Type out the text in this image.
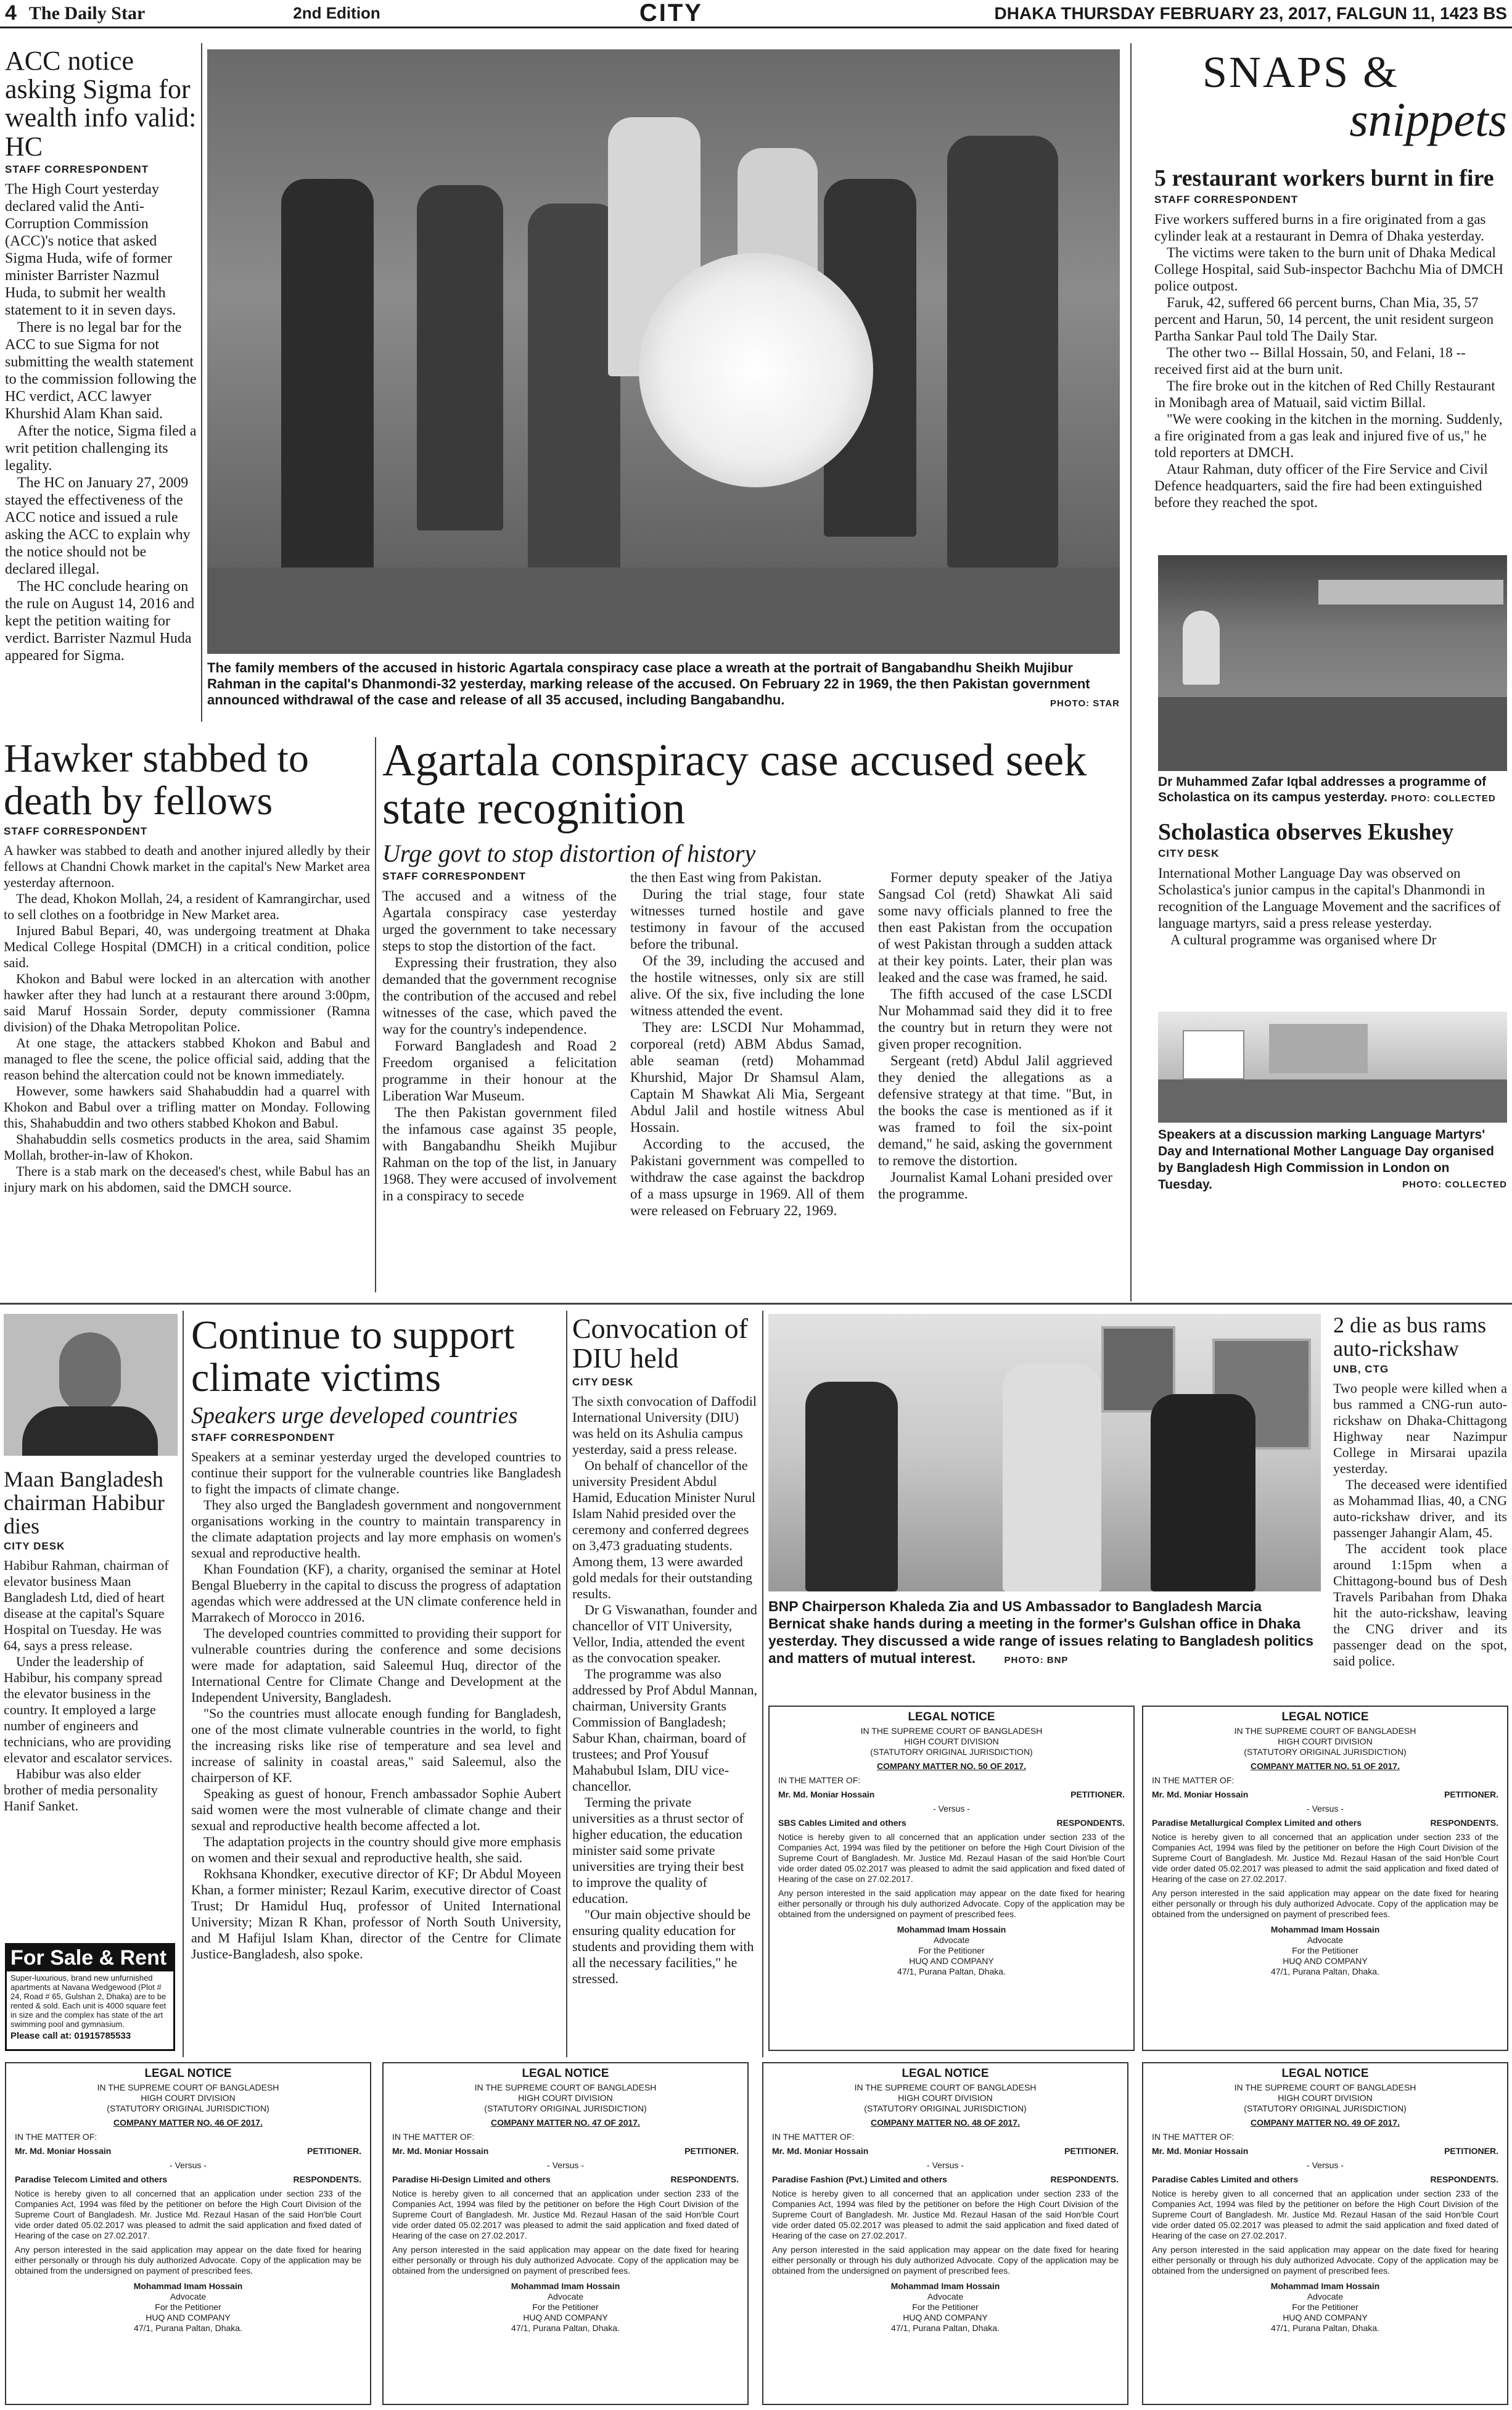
4 The Daily Star	2nd Edition	CITY	DHAKA THURSDAY FEBRUARY 23, 2017, FALGUN 11, 1423 BS
ACC notice asking Sigma for wealth info valid: HC
STAFF CORRESPONDENT

The High Court yesterday declared valid the Anti-Corruption Commission (ACC)'s notice that asked Sigma Huda, wife of former minister Barrister Nazmul Huda, to submit her wealth statement to it in seven days.

There is no legal bar for the ACC to sue Sigma for not submitting the wealth statement to the commission following the HC verdict, ACC lawyer Khurshid Alam Khan said.

After the notice, Sigma filed a writ petition challenging its legality.

The HC on January 27, 2009 stayed the effectiveness of the ACC notice and issued a rule asking the ACC to explain why the notice should not be declared illegal.

The HC conclude hearing on the rule on August 14, 2016 and kept the petition waiting for verdict. Barrister Nazmul Huda appeared for Sigma.

The family members of the accused in historic Agartala conspiracy case place a wreath at the portrait of Bangabandhu Sheikh Mujibur Rahman in the capital's Dhanmondi-32 yesterday, marking release of the accused. On February 22 in 1969, the then Pakistan government announced withdrawal of the case and release of all 35 accused, including Bangabandhu.	PHOTO: STAR
SNAPS &
snippets
5 restaurant workers burnt in fire
STAFF CORRESPONDENT

Five workers suffered burns in a fire originated from a gas cylinder leak at a restaurant in Demra of Dhaka yesterday.

The victims were taken to the burn unit of Dhaka Medical College Hospital, said Sub-inspector Bachchu Mia of DMCH police outpost.

Faruk, 42, suffered 66 percent burns, Chan Mia, 35, 57 percent and Harun, 50, 14 percent, the unit resident surgeon Partha Sankar Paul told The Daily Star.

The other two -- Billal Hossain, 50, and Felani, 18 -- received first aid at the burn unit.

The fire broke out in the kitchen of Red Chilly Restaurant in Monibagh area of Matuail, said victim Billal.

"We were cooking in the kitchen in the morning. Suddenly, a fire originated from a gas leak and injured five of us," he told reporters at DMCH.

Ataur Rahman, duty officer of the Fire Service and Civil Defence headquarters, said the fire had been extinguished before they reached the spot.

Dr Muhammed Zafar Iqbal addresses a programme of Scholastica on its campus yesterday. PHOTO: COLLECTED
Scholastica observes Ekushey
CITY DESK

International Mother Language Day was observed on Scholastica's junior campus in the capital's Dhanmondi in recognition of the Language Movement and the sacrifices of language martyrs, said a press release yesterday.

A cultural programme was organised where Dr

Speakers at a discussion marking Language Martyrs' Day and International Mother Language Day organised by Bangladesh High Commission in London on Tuesday.	PHOTO: COLLECTED
Hawker stabbed to death by fellows
STAFF CORRESPONDENT

A hawker was stabbed to death and another injured alledly by their fellows at Chandni Chowk market in the capital's New Market area yesterday afternoon.

The dead, Khokon Mollah, 24, a resident of Kamrangirchar, used to sell clothes on a footbridge in New Market area.

Injured Babul Bepari, 40, was undergoing treatment at Dhaka Medical College Hospital (DMCH) in a critical condition, police said.

Khokon and Babul were locked in an altercation with another hawker after they had lunch at a restaurant there around 3:00pm, said Maruf Hossain Sorder, deputy commissioner (Ramna division) of the Dhaka Metropolitan Police.

At one stage, the attackers stabbed Khokon and Babul and managed to flee the scene, the police official said, adding that the reason behind the altercation could not be known immediately.

However, some hawkers said Shahabuddin had a quarrel with Khokon and Babul over a trifling matter on Monday. Following this, Shahabuddin and two others stabbed Khokon and Babul.

Shahabuddin sells cosmetics products in the area, said Shamim Mollah, brother-in-law of Khokon.

There is a stab mark on the deceased's chest, while Babul has an injury mark on his abdomen, said the DMCH source.

Agartala conspiracy case accused seek state recognition
Urge govt to stop distortion of history
STAFF CORRESPONDENT

The accused and a witness of the Agartala conspiracy case yesterday urged the government to take necessary steps to stop the distortion of the fact.

Expressing their frustration, they also demanded that the government recognise the contribution of the accused and rebel witnesses of the case, which paved the way for the country's independence.

Forward Bangladesh and Road 2 Freedom organised a felicitation programme in their honour at the Liberation War Museum.

The then Pakistan government filed the infamous case against 35 people, with Bangabandhu Sheikh Mujibur Rahman on the top of the list, in January 1968. They were accused of involvement in a conspiracy to secede

the then East wing from Pakistan.

During the trial stage, four state witnesses turned hostile and gave testimony in favour of the accused before the tribunal.

Of the 39, including the accused and the hostile witnesses, only six are still alive. Of the six, five including the lone witness attended the event.

They are: LSCDI Nur Mohammad, corporeal (retd) ABM Abdus Samad, able seaman (retd) Mohammad Khurshid, Major Dr Shamsul Alam, Captain M Shawkat Ali Mia, Sergeant Abdul Jalil and hostile witness Abul Hossain.

According to the accused, the Pakistani government was compelled to withdraw the case against the backdrop of a mass upsurge in 1969. All of them were released on February 22, 1969.

Former deputy speaker of the Jatiya Sangsad Col (retd) Shawkat Ali said some navy officials planned to free the then east Pakistan from the occupation of west Pakistan through a sudden attack at their key points. Later, their plan was leaked and the case was framed, he said.

The fifth accused of the case LSCDI Nur Mohammad said they did it to free the country but in return they were not given proper recognition.

Sergeant (retd) Abdul Jalil aggrieved they denied the allegations as a defensive strategy at that time. "But, in the books the case is mentioned as if it was framed to foil the six-point demand," he said, asking the government to remove the distortion.

Journalist Kamal Lohani presided over the programme.

Maan Bangladesh chairman Habibur dies
CITY DESK

Habibur Rahman, chairman of elevator business Maan Bangladesh Ltd, died of heart disease at the capital's Square Hospital on Tuesday. He was 64, says a press release.

Under the leadership of Habibur, his company spread the elevator business in the country. It employed a large number of engineers and technicians, who are providing elevator and escalator services.

Habibur was also elder brother of media personality Hanif Sanket.

For Sale & Rent
Super-luxurious, brand new unfurnished apartments at Navana Wedgewood (Plot # 24, Road # 65, Gulshan 2, Dhaka) are to be rented & sold. Each unit is 4000 square feet in size and the complex has state of the art swimming pool and gymnasium.
Please call at: 01915785533
Continue to support climate victims
Speakers urge developed countries
STAFF CORRESPONDENT

Speakers at a seminar yesterday urged the developed countries to continue their support for the vulnerable countries like Bangladesh to fight the impacts of climate change.

They also urged the Bangladesh government and nongovernment organisations working in the country to maintain transparency in the climate adaptation projects and lay more emphasis on women's sexual and reproductive health.

Khan Foundation (KF), a charity, organised the seminar at Hotel Bengal Blueberry in the capital to discuss the progress of adaptation agendas which were addressed at the UN climate conference held in Marrakech of Morocco in 2016.

The developed countries committed to providing their support for vulnerable countries during the conference and some decisions were made for adaptation, said Saleemul Huq, director of the International Centre for Climate Change and Development at the Independent University, Bangladesh.

"So the countries must allocate enough funding for Bangladesh, one of the most climate vulnerable countries in the world, to fight the increasing risks like rise of temperature and sea level and increase of salinity in coastal areas," said Saleemul, also the chairperson of KF.

Speaking as guest of honour, French ambassador Sophie Aubert said women were the most vulnerable of climate change and their sexual and reproductive health become affected a lot.

The adaptation projects in the country should give more emphasis on women and their sexual and reproductive health, she said.

Rokhsana Khondker, executive director of KF; Dr Abdul Moyeen Khan, a former minister; Rezaul Karim, executive director of Coast Trust; Dr Hamidul Huq, professor of United International University; Mizan R Khan, professor of North South University, and M Hafijul Islam Khan, director of the Centre for Climate Justice-Bangladesh, also spoke.

Convocation of DIU held
CITY DESK

The sixth convocation of Daffodil International University (DIU) was held on its Ashulia campus yesterday, said a press release.

On behalf of chancellor of the university President Abdul Hamid, Education Minister Nurul Islam Nahid presided over the ceremony and conferred degrees on 3,473 graduating students. Among them, 13 were awarded gold medals for their outstanding results.

Dr G Viswanathan, founder and chancellor of VIT University, Vellor, India, attended the event as the convocation speaker.

The programme was also addressed by Prof Abdul Mannan, chairman, University Grants Commission of Bangladesh; Sabur Khan, chairman, board of trustees; and Prof Yousuf Mahabubul Islam, DIU vice-chancellor.

Terming the private universities as a thrust sector of higher education, the education minister said some private universities are trying their best to improve the quality of education.

"Our main objective should be ensuring quality education for students and providing them with all the necessary facilities," he stressed.

BNP Chairperson Khaleda Zia and US Ambassador to Bangladesh Marcia Bernicat shake hands during a meeting in the former's Gulshan office in Dhaka yesterday. They discussed a wide range of issues relating to Bangladesh politics and matters of mutual interest.	PHOTO: BNP
2 die as bus rams auto-rickshaw
UNB, CTG

Two people were killed when a bus rammed a CNG-run auto-rickshaw on Dhaka-Chittagong Highway near Nazimpur College in Mirsarai upazila yesterday.

The deceased were identified as Mohammad Ilias, 40, a CNG auto-rickshaw driver, and its passenger Jahangir Alam, 45.

The accident took place around 1:15pm when a Chittagong-bound bus of Desh Travels Paribahan from Dhaka hit the auto-rickshaw, leaving the CNG driver and its passenger dead on the spot, said police.

LEGAL NOTICE
IN THE SUPREME COURT OF BANGLADESH
HIGH COURT DIVISION
(STATUTORY ORIGINAL JURISDICTION)
COMPANY MATTER NO. 50 OF 2017.
IN THE MATTER OF:
Mr. Md. Moniar Hossain	PETITIONER.
- Versus -
SBS Cables Limited and others	RESPONDENTS.
Notice is hereby given to all concerned that an application under section 233 of the Companies Act, 1994 was filed by the petitioner on before the High Court Division of the Supreme Court of Bangladesh. Mr. Justice Md. Rezaul Hasan of the said Hon'ble Court vide order dated 05.02.2017 was pleased to admit the said application and fixed dated of Hearing of the case on 27.02.2017.
Any person interested in the said application may appear on the date fixed for hearing either personally or through his duly authorized Advocate. Copy of the application may be obtained from the undersigned on payment of prescribed fees.
Mohammad Imam Hossain
Advocate
For the Petitioner
HUQ AND COMPANY
47/1, Purana Paltan, Dhaka.
LEGAL NOTICE
IN THE SUPREME COURT OF BANGLADESH
HIGH COURT DIVISION
(STATUTORY ORIGINAL JURISDICTION)
COMPANY MATTER NO. 51 OF 2017.
IN THE MATTER OF:
Mr. Md. Moniar Hossain	PETITIONER.
- Versus -
Paradise Metallurgical Complex Limited and others	RESPONDENTS.
Notice is hereby given to all concerned that an application under section 233 of the Companies Act, 1994 was filed by the petitioner on before the High Court Division of the Supreme Court of Bangladesh. Mr. Justice Md. Rezaul Hasan of the said Hon'ble Court vide order dated 05.02.2017 was pleased to admit the said application and fixed dated of Hearing of the case on 27.02.2017.
Any person interested in the said application may appear on the date fixed for hearing either personally or through his duly authorized Advocate. Copy of the application may be obtained from the undersigned on payment of prescribed fees.
Mohammad Imam Hossain
Advocate
For the Petitioner
HUQ AND COMPANY
47/1, Purana Paltan, Dhaka.
LEGAL NOTICE
IN THE SUPREME COURT OF BANGLADESH
HIGH COURT DIVISION
(STATUTORY ORIGINAL JURISDICTION)
COMPANY MATTER NO. 46 OF 2017.
IN THE MATTER OF:
Mr. Md. Moniar Hossain	PETITIONER.
- Versus -
Paradise Telecom Limited and others	RESPONDENTS.
Notice is hereby given to all concerned that an application under section 233 of the Companies Act, 1994 was filed by the petitioner on before the High Court Division of the Supreme Court of Bangladesh. Mr. Justice Md. Rezaul Hasan of the said Hon'ble Court vide order dated 05.02.2017 was pleased to admit the said application and fixed dated of Hearing of the case on 27.02.2017.
Any person interested in the said application may appear on the date fixed for hearing either personally or through his duly authorized Advocate. Copy of the application may be obtained from the undersigned on payment of prescribed fees.
Mohammad Imam Hossain
Advocate
For the Petitioner
HUQ AND COMPANY
47/1, Purana Paltan, Dhaka.
LEGAL NOTICE
IN THE SUPREME COURT OF BANGLADESH
HIGH COURT DIVISION
(STATUTORY ORIGINAL JURISDICTION)
COMPANY MATTER NO. 47 OF 2017.
IN THE MATTER OF:
Mr. Md. Moniar Hossain	PETITIONER.
- Versus -
Paradise Hi-Design Limited and others	RESPONDENTS.
Notice is hereby given to all concerned that an application under section 233 of the Companies Act, 1994 was filed by the petitioner on before the High Court Division of the Supreme Court of Bangladesh. Mr. Justice Md. Rezaul Hasan of the said Hon'ble Court vide order dated 05.02.2017 was pleased to admit the said application and fixed dated of Hearing of the case on 27.02.2017.
Any person interested in the said application may appear on the date fixed for hearing either personally or through his duly authorized Advocate. Copy of the application may be obtained from the undersigned on payment of prescribed fees.
Mohammad Imam Hossain
Advocate
For the Petitioner
HUQ AND COMPANY
47/1, Purana Paltan, Dhaka.
LEGAL NOTICE
IN THE SUPREME COURT OF BANGLADESH
HIGH COURT DIVISION
(STATUTORY ORIGINAL JURISDICTION)
COMPANY MATTER NO. 48 OF 2017.
IN THE MATTER OF:
Mr. Md. Moniar Hossain	PETITIONER.
- Versus -
Paradise Fashion (Pvt.) Limited and others	RESPONDENTS.
Notice is hereby given to all concerned that an application under section 233 of the Companies Act, 1994 was filed by the petitioner on before the High Court Division of the Supreme Court of Bangladesh. Mr. Justice Md. Rezaul Hasan of the said Hon'ble Court vide order dated 05.02.2017 was pleased to admit the said application and fixed dated of Hearing of the case on 27.02.2017.
Any person interested in the said application may appear on the date fixed for hearing either personally or through his duly authorized Advocate. Copy of the application may be obtained from the undersigned on payment of prescribed fees.
Mohammad Imam Hossain
Advocate
For the Petitioner
HUQ AND COMPANY
47/1, Purana Paltan, Dhaka.
LEGAL NOTICE
IN THE SUPREME COURT OF BANGLADESH
HIGH COURT DIVISION
(STATUTORY ORIGINAL JURISDICTION)
COMPANY MATTER NO. 49 OF 2017.
IN THE MATTER OF:
Mr. Md. Moniar Hossain	PETITIONER.
- Versus -
Paradise Cables Limited and others	RESPONDENTS.
Notice is hereby given to all concerned that an application under section 233 of the Companies Act, 1994 was filed by the petitioner on before the High Court Division of the Supreme Court of Bangladesh. Mr. Justice Md. Rezaul Hasan of the said Hon'ble Court vide order dated 05.02.2017 was pleased to admit the said application and fixed dated of Hearing of the case on 27.02.2017.
Any person interested in the said application may appear on the date fixed for hearing either personally or through his duly authorized Advocate. Copy of the application may be obtained from the undersigned on payment of prescribed fees.
Mohammad Imam Hossain
Advocate
For the Petitioner
HUQ AND COMPANY
47/1, Purana Paltan, Dhaka.
